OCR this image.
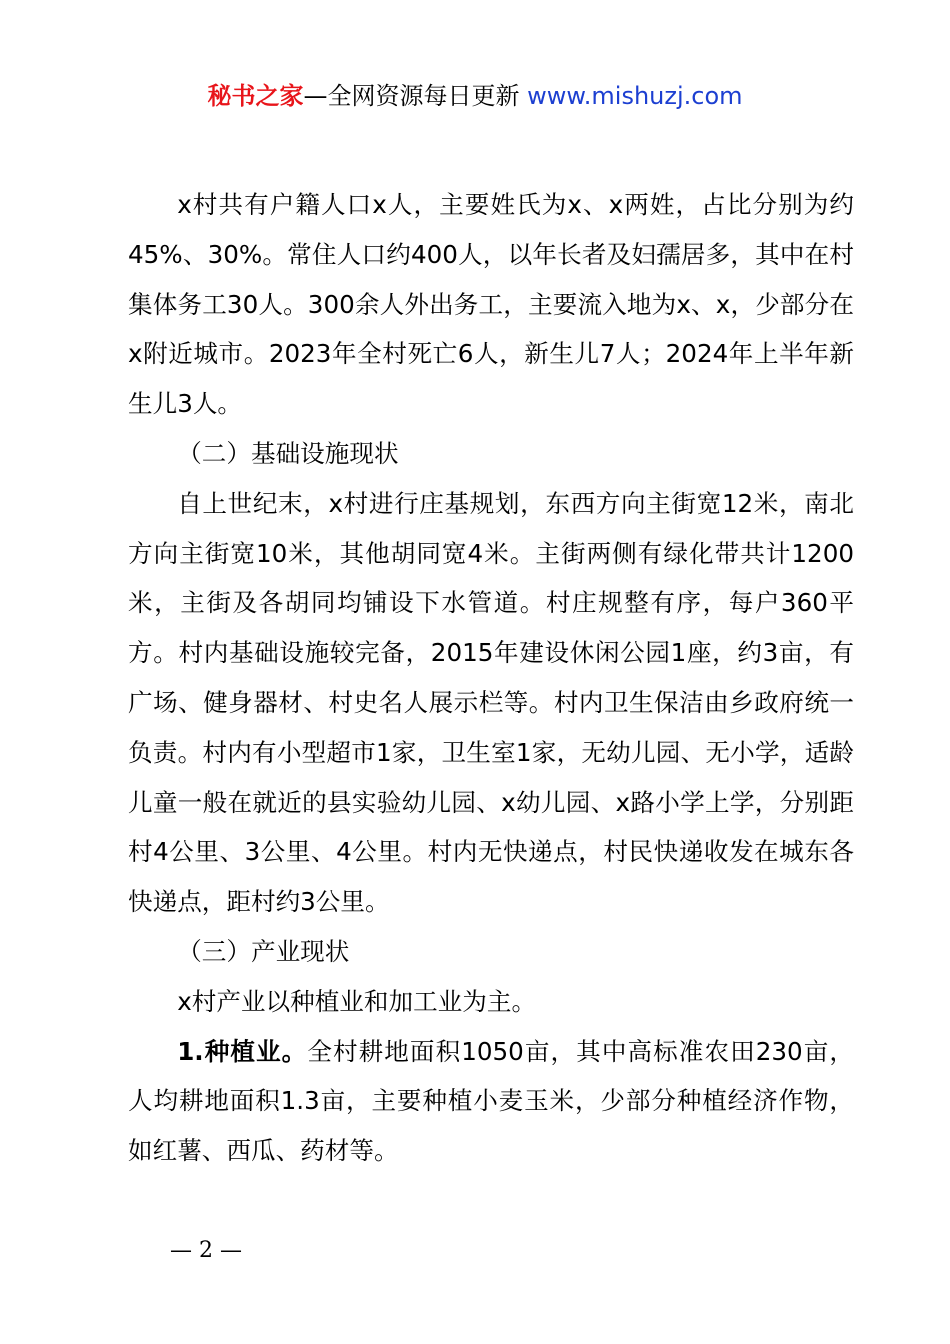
秘书之家—全网资源每日更新 www.mishuzj.com

x村共有户籍人口x人，主要姓氏为x、x两姓，占比分别为约45%、30%。常住人口约400人，以年长者及妇孺居多，其中在村集体务工30人。300余人外出务工，主要流入地为x、x，少部分在x附近城市。2023年全村死亡6人，新生儿7人；2024年上半年新生儿3人。

（二）基础设施现状

自上世纪末，x村进行庄基规划，东西方向主街宽12米，南北方向主街宽10米，其他胡同宽4米。主街两侧有绿化带共计1200米，主街及各胡同均铺设下水管道。村庄规整有序，每户360平方。村内基础设施较完备，2015年建设休闲公园1座，约3亩，有广场、健身器材、村史名人展示栏等。村内卫生保洁由乡政府统一负责。村内有小型超市1家，卫生室1家，无幼儿园、无小学，适龄儿童一般在就近的县实验幼儿园、x幼儿园、x路小学上学，分别距村4公里、3公里、4公里。村内无快递点，村民快递收发在城东各快递点，距村约3公里。

（三）产业现状

x村产业以种植业和加工业为主。

1.种植业。全村耕地面积1050亩，其中高标准农田230亩，人均耕地面积1.3亩，主要种植小麦玉米，少部分种植经济作物，如红薯、西瓜、药材等。

— 2 —
